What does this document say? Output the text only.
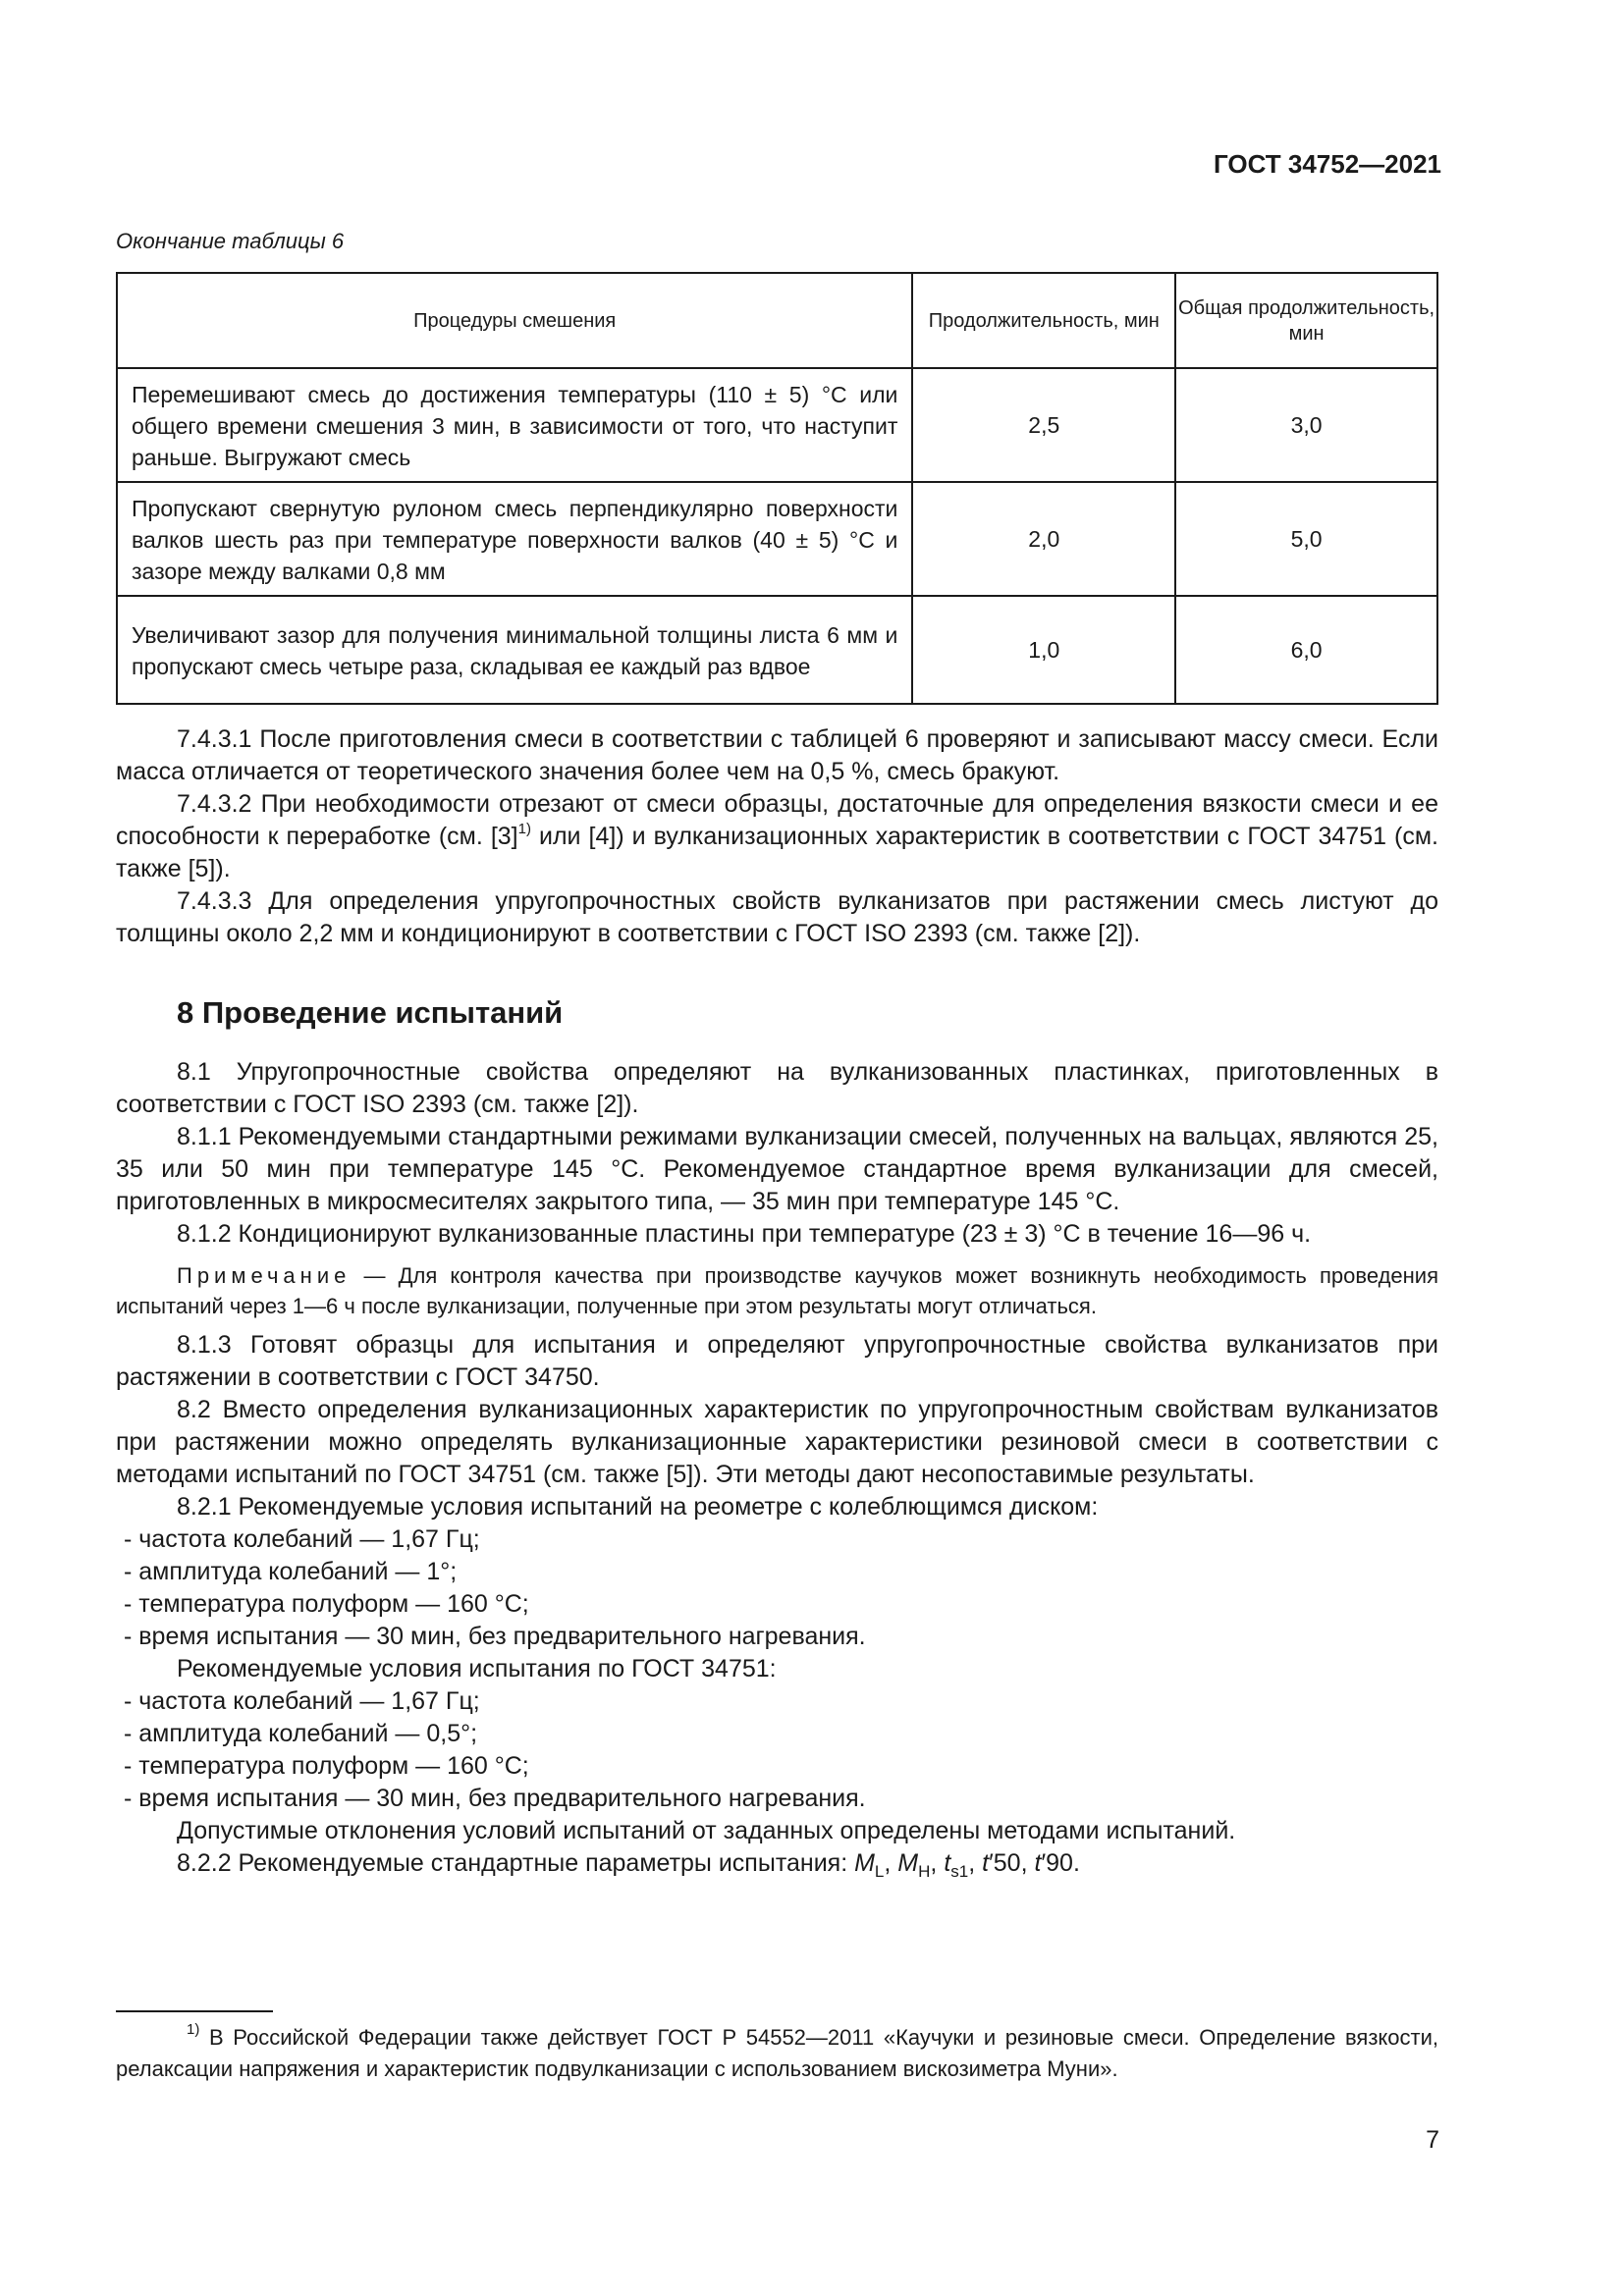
ГОСТ 34752—2021
Окончание таблицы 6
Процедуры смешения	Продолжительность, мин	Общая продолжительность, мин
Перемешивают смесь до достижения температуры (110 ± 5) °C или общего времени смешения 3 мин, в зависимости от того, что наступит раньше. Выгружают смесь	2,5	3,0
Пропускают свернутую рулоном смесь перпендикулярно поверхности валков шесть раз при температуре поверхности валков (40 ± 5) °C и зазоре между валками 0,8 мм	2,0	5,0
Увеличивают зазор для получения минимальной толщины листа 6 мм и пропускают смесь четыре раза, складывая ее каждый раз вдвое	1,0	6,0

7.4.3.1 После приготовления смеси в соответствии с таблицей 6 проверяют и записывают массу смеси. Если масса отличается от теоретического значения более чем на 0,5 %, смесь бракуют.

7.4.3.2 При необходимости отрезают от смеси образцы, достаточные для определения вязкости смеси и ее способности к переработке (см. $[3]^{1)}$ или [4]) и вулканизационных характеристик в соответствии с ГОСТ 34751 (см. также [5]).

7.4.3.3 Для определения упругопрочностных свойств вулканизатов при растяжении смесь листуют до толщины около 2,2 мм и кондиционируют в соответствии с ГОСТ ISO 2393 (см. также [2]).

8 Проведение испытаний

8.1 Упругопрочностные свойства определяют на вулканизованных пластинках, приготовленных в соответствии с ГОСТ ISO 2393 (см. также [2]).

8.1.1 Рекомендуемыми стандартными режимами вулканизации смесей, полученных на вальцах, являются 25, 35 или 50 мин при температуре 145 °C. Рекомендуемое стандартное время вулканизации для смесей, приготовленных в микросмесителях закрытого типа, — 35 мин при температуре 145 °C.

8.1.2 Кондиционируют вулканизованные пластины при температуре (23 ± 3) °C в течение 16—96 ч.

Примечание — Для контроля качества при производстве каучуков может возникнуть необходимость проведения испытаний через 1—6 ч после вулканизации, полученные при этом результаты могут отличаться.

8.1.3 Готовят образцы для испытания и определяют упругопрочностные свойства вулканизатов при растяжении в соответствии с ГОСТ 34750.

8.2 Вместо определения вулканизационных характеристик по упругопрочностным свойствам вулканизатов при растяжении можно определять вулканизационные характеристики резиновой смеси в соответствии с методами испытаний по ГОСТ 34751 (см. также [5]). Эти методы дают несопоставимые результаты.

8.2.1 Рекомендуемые условия испытаний на реометре с колеблющимся диском:

- частота колебаний — 1,67 Гц;

- амплитуда колебаний — 1°;

- температура полуформ — 160 °C;

- время испытания — 30 мин, без предварительного нагревания.

Рекомендуемые условия испытания по ГОСТ 34751:

- частота колебаний — 1,67 Гц;

- амплитуда колебаний — 0,5°;

- температура полуформ — 160 °C;

- время испытания — 30 мин, без предварительного нагревания.

Допустимые отклонения условий испытаний от заданных определены методами испытаний.

8.2.2 Рекомендуемые стандартные параметры испытания: $M_L$, $M_H$, $t_{s1}$, t′50, t′90.

$^{1)}$ В Российской Федерации также действует ГОСТ Р 54552—2011 «Каучуки и резиновые смеси. Определение вязкости, релаксации напряжения и характеристик подвулканизации с использованием вискозиметра Муни».
7
